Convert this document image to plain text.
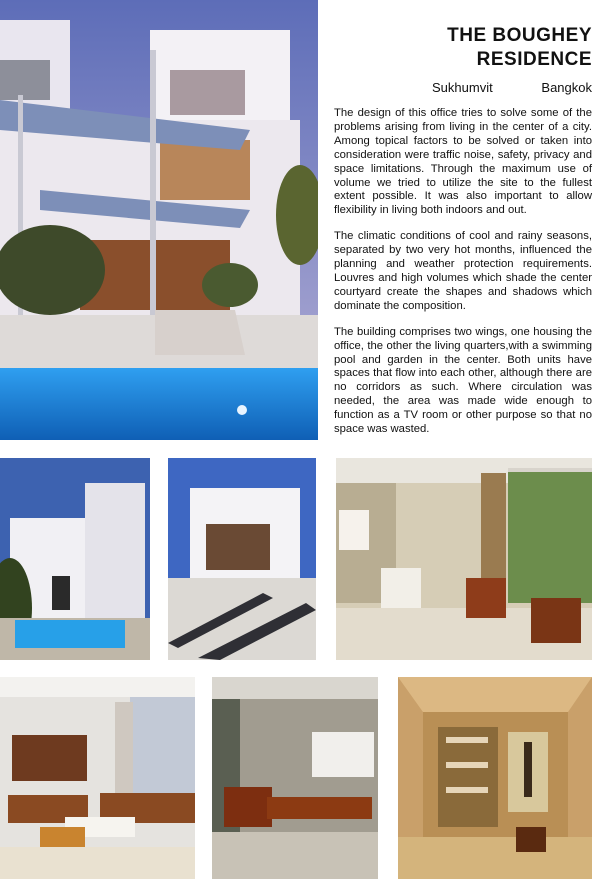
THE BOUGHEY
RESIDENCE
Sukhumvit	Bangkok

The design of this office tries to solve some of the problems arising from living in the center of a city. Among topical factors to be solved or taken into consideration were traffic noise, safety, privacy and space limitations. Through the maximum use of volume we tried to utilize the site to the fullest extent possible. It was also important to allow flexibility in living both indoors and out.

The climatic conditions of cool and rainy seasons, separated by two very hot months, influenced the planning and weather protection requirements. Louvres and high volumes which shade the center courtyard create the shapes and shadows which dominate the composition.

The building comprises two wings, one housing the office, the other the living quarters,with a swimming pool and garden in the center. Both units have spaces that flow into each other, although there are no corridors as such. Where circulation was needed, the area was made wide enough to function as a TV room or other purpose so that no space was wasted.
